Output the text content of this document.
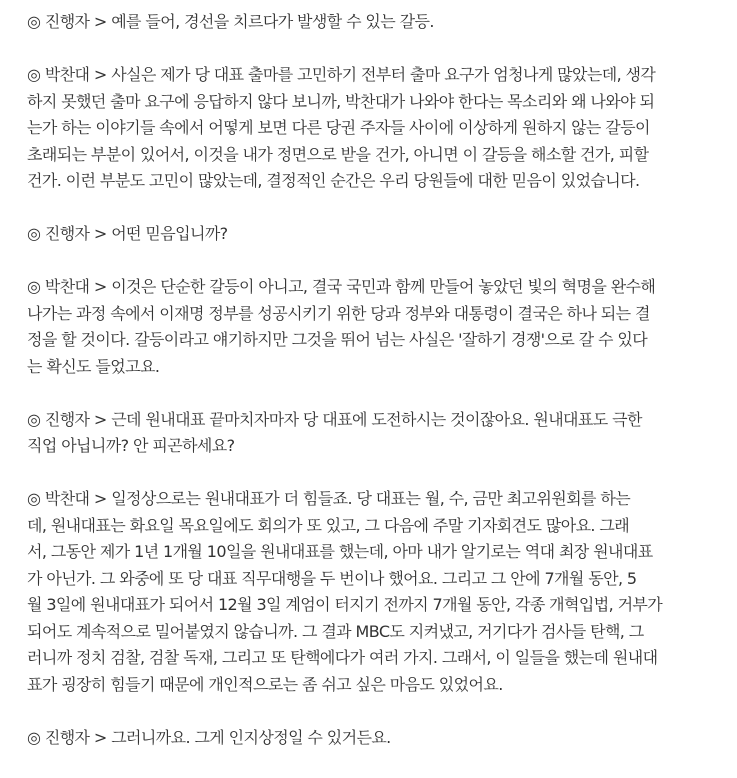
◎ 진행자 > 예를 들어, 경선을 치르다가 발생할 수 있는 갈등.
◎ 박찬대 > 사실은 제가 당 대표 출마를 고민하기 전부터 출마 요구가 엄청나게 많았는데, 생각
하지 못했던 출마 요구에 응답하지 않다 보니까, 박찬대가 나와야 한다는 목소리와 왜 나와야 되
는가 하는 이야기들 속에서 어떻게 보면 다른 당권 주자들 사이에 이상하게 원하지 않는 갈등이
초래되는 부분이 있어서, 이것을 내가 정면으로 받을 건가, 아니면 이 갈등을 해소할 건가, 피할
건가. 이런 부분도 고민이 많았는데, 결정적인 순간은 우리 당원들에 대한 믿음이 있었습니다.
◎ 진행자 > 어떤 믿음입니까?
◎ 박찬대 > 이것은 단순한 갈등이 아니고, 결국 국민과 함께 만들어 놓았던 빛의 혁명을 완수해
나가는 과정 속에서 이재명 정부를 성공시키기 위한 당과 정부와 대통령이 결국은 하나 되는 결
정을 할 것이다. 갈등이라고 얘기하지만 그것을 뛰어 넘는 사실은 '잘하기 경쟁'으로 갈 수 있다
는 확신도 들었고요.
◎ 진행자 > 근데 원내대표 끝마치자마자 당 대표에 도전하시는 것이잖아요. 원내대표도 극한
직업 아닙니까? 안 피곤하세요?
◎ 박찬대 > 일정상으로는 원내대표가 더 힘들죠. 당 대표는 월, 수, 금만 최고위원회를 하는
데, 원내대표는 화요일 목요일에도 회의가 또 있고, 그 다음에 주말 기자회견도 많아요. 그래
서, 그동안 제가 1년 1개월 10일을 원내대표를 했는데, 아마 내가 알기로는 역대 최장 원내대표
가 아닌가. 그 와중에 또 당 대표 직무대행을 두 번이나 했어요. 그리고 그 안에 7개월 동안, 5
월 3일에 원내대표가 되어서 12월 3일 계엄이 터지기 전까지 7개월 동안, 각종 개혁입법, 거부가
되어도 계속적으로 밀어붙였지 않습니까. 그 결과 MBC도 지켜냈고, 거기다가 검사들 탄핵, 그
러니까 정치 검찰, 검찰 독재, 그리고 또 탄핵에다가 여러 가지. 그래서, 이 일들을 했는데 원내대
표가 굉장히 힘들기 때문에 개인적으로는 좀 쉬고 싶은 마음도 있었어요.
◎ 진행자 > 그러니까요. 그게 인지상정일 수 있거든요.
